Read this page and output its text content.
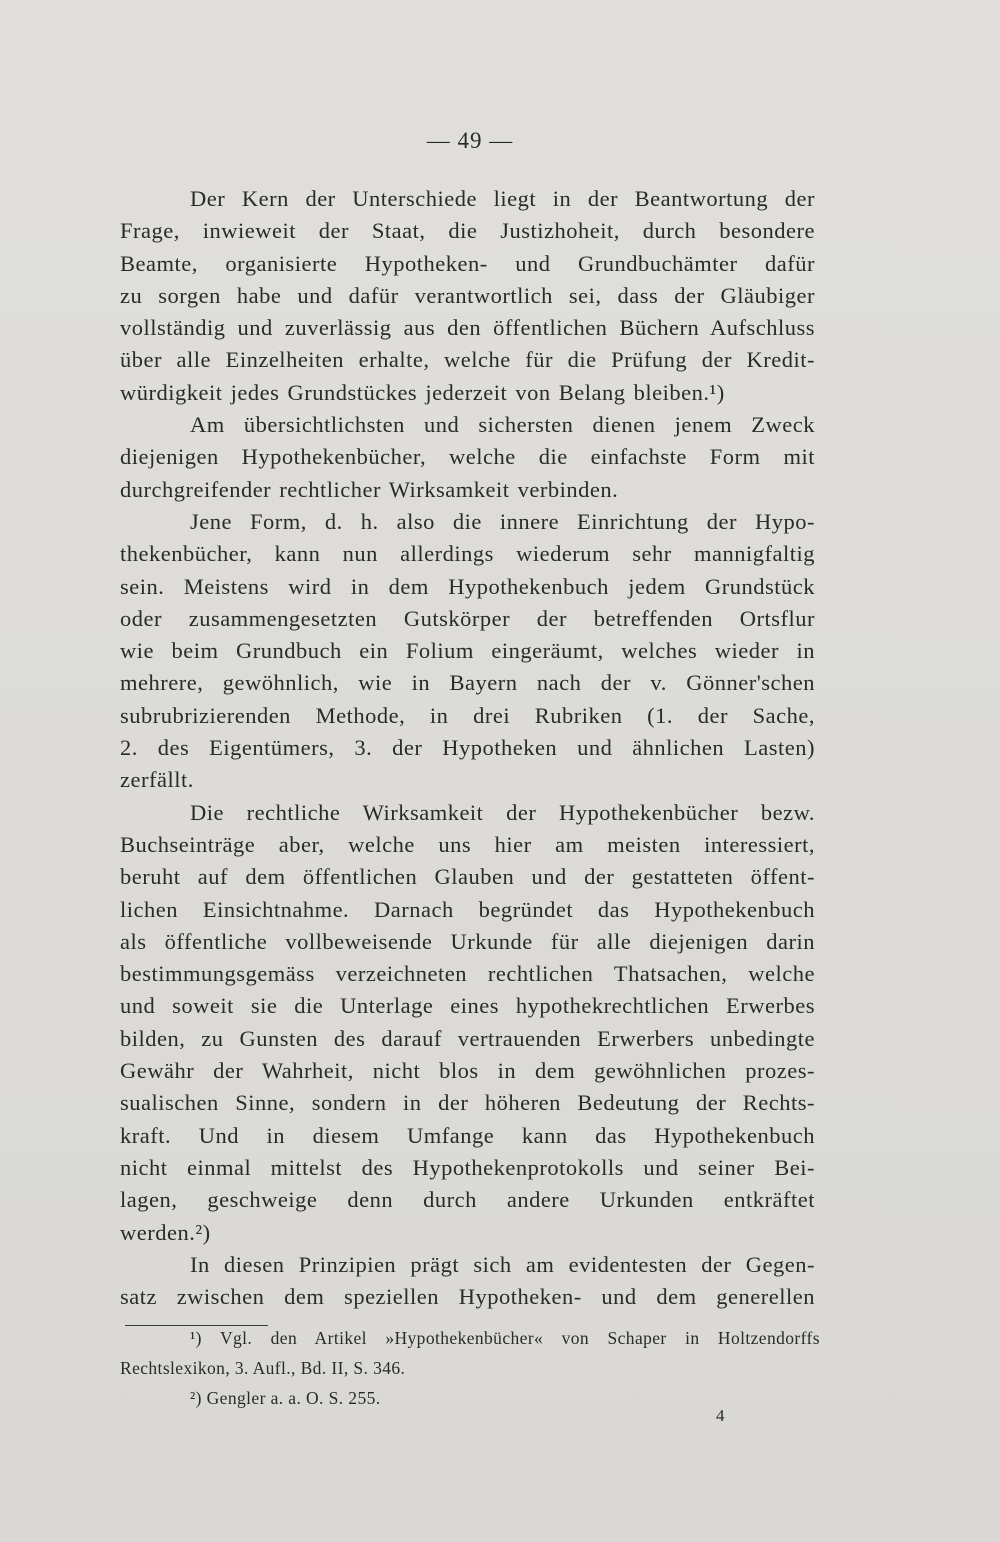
— 49 —
Der Kern der Unterschiede liegt in der Beantwortung der
Frage, inwieweit der Staat, die Justizhoheit, durch besondere
Beamte, organisierte Hypotheken- und Grundbuchämter dafür
zu sorgen habe und dafür verantwortlich sei, dass der Gläubiger
vollständig und zuverlässig aus den öffentlichen Büchern Aufschluss
über alle Einzelheiten erhalte, welche für die Prüfung der Kredit-
würdigkeit jedes Grundstückes jederzeit von Belang bleiben.¹)
Am übersichtlichsten und sichersten dienen jenem Zweck
diejenigen Hypothekenbücher, welche die einfachste Form mit
durchgreifender rechtlicher Wirksamkeit verbinden.
Jene Form, d. h. also die innere Einrichtung der Hypo-
thekenbücher, kann nun allerdings wiederum sehr mannigfaltig
sein. Meistens wird in dem Hypothekenbuch jedem Grundstück
oder zusammengesetzten Gutskörper der betreffenden Ortsflur
wie beim Grundbuch ein Folium eingeräumt, welches wieder in
mehrere, gewöhnlich, wie in Bayern nach der v. Gönner'schen
subrubrizierenden Methode, in drei Rubriken (1. der Sache,
2. des Eigentümers, 3. der Hypotheken und ähnlichen Lasten)
zerfällt.
Die rechtliche Wirksamkeit der Hypothekenbücher bezw.
Buchseinträge aber, welche uns hier am meisten interessiert,
beruht auf dem öffentlichen Glauben und der gestatteten öffent-
lichen Einsichtnahme. Darnach begründet das Hypothekenbuch
als öffentliche vollbeweisende Urkunde für alle diejenigen darin
bestimmungsgemäss verzeichneten rechtlichen Thatsachen, welche
und soweit sie die Unterlage eines hypothekrechtlichen Erwerbes
bilden, zu Gunsten des darauf vertrauenden Erwerbers unbedingte
Gewähr der Wahrheit, nicht blos in dem gewöhnlichen prozes-
sualischen Sinne, sondern in der höheren Bedeutung der Rechts-
kraft. Und in diesem Umfange kann das Hypothekenbuch
nicht einmal mittelst des Hypothekenprotokolls und seiner Bei-
lagen, geschweige denn durch andere Urkunden entkräftet
werden.²)
In diesen Prinzipien prägt sich am evidentesten der Gegen-
satz zwischen dem speziellen Hypotheken- und dem generellen
¹) Vgl. den Artikel »Hypothekenbücher« von Schaper in Holtzendorffs
Rechtslexikon, 3. Aufl., Bd. II, S. 346.
²) Gengler a. a. O. S. 255.
4
